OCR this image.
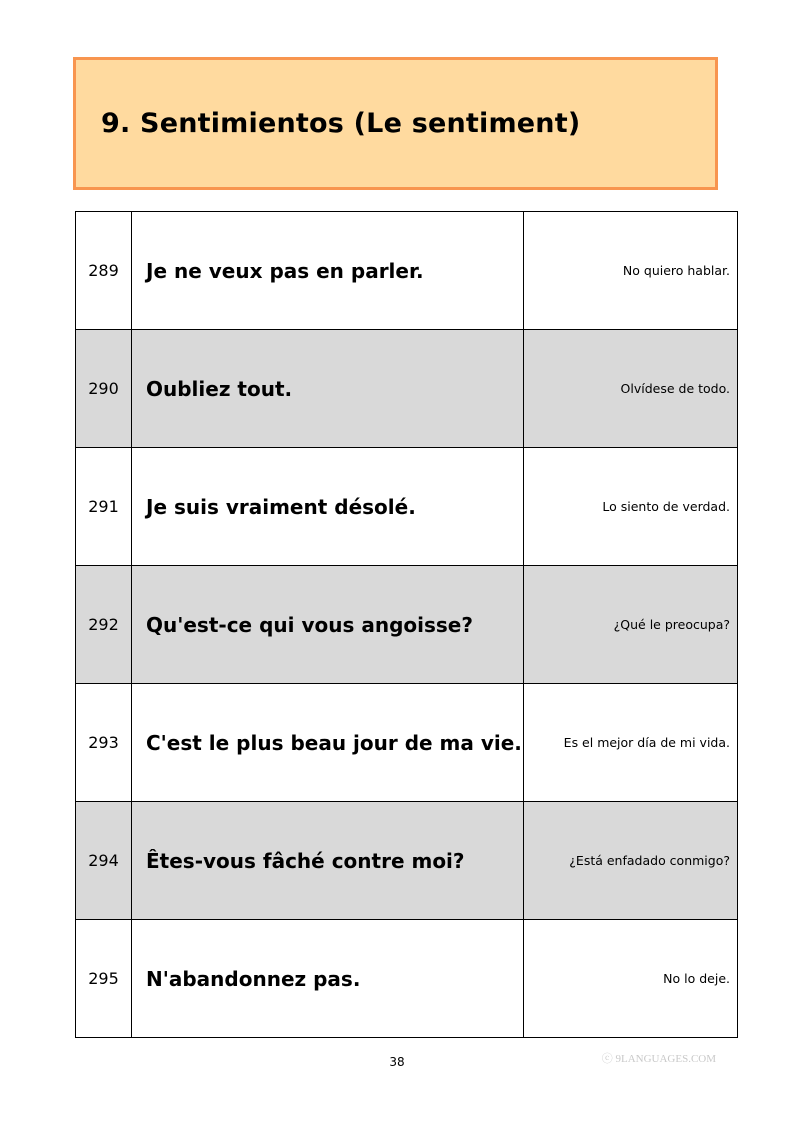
9. Sentimientos (Le sentiment)
289	Je ne veux pas en parler.	No quiero hablar.
290	Oubliez tout.	Olvídese de todo.
291	Je suis vraiment désolé.	Lo siento de verdad.
292	Qu'est-ce qui vous angoisse?	¿Qué le preocupa?
293	C'est le plus beau jour de ma vie.	Es el mejor día de mi vida.
294	Êtes-vous fâché contre moi?	¿Está enfadado conmigo?
295	N'abandonnez pas.	No lo deje.
38	ⓒ 9LANGUAGES.COM
